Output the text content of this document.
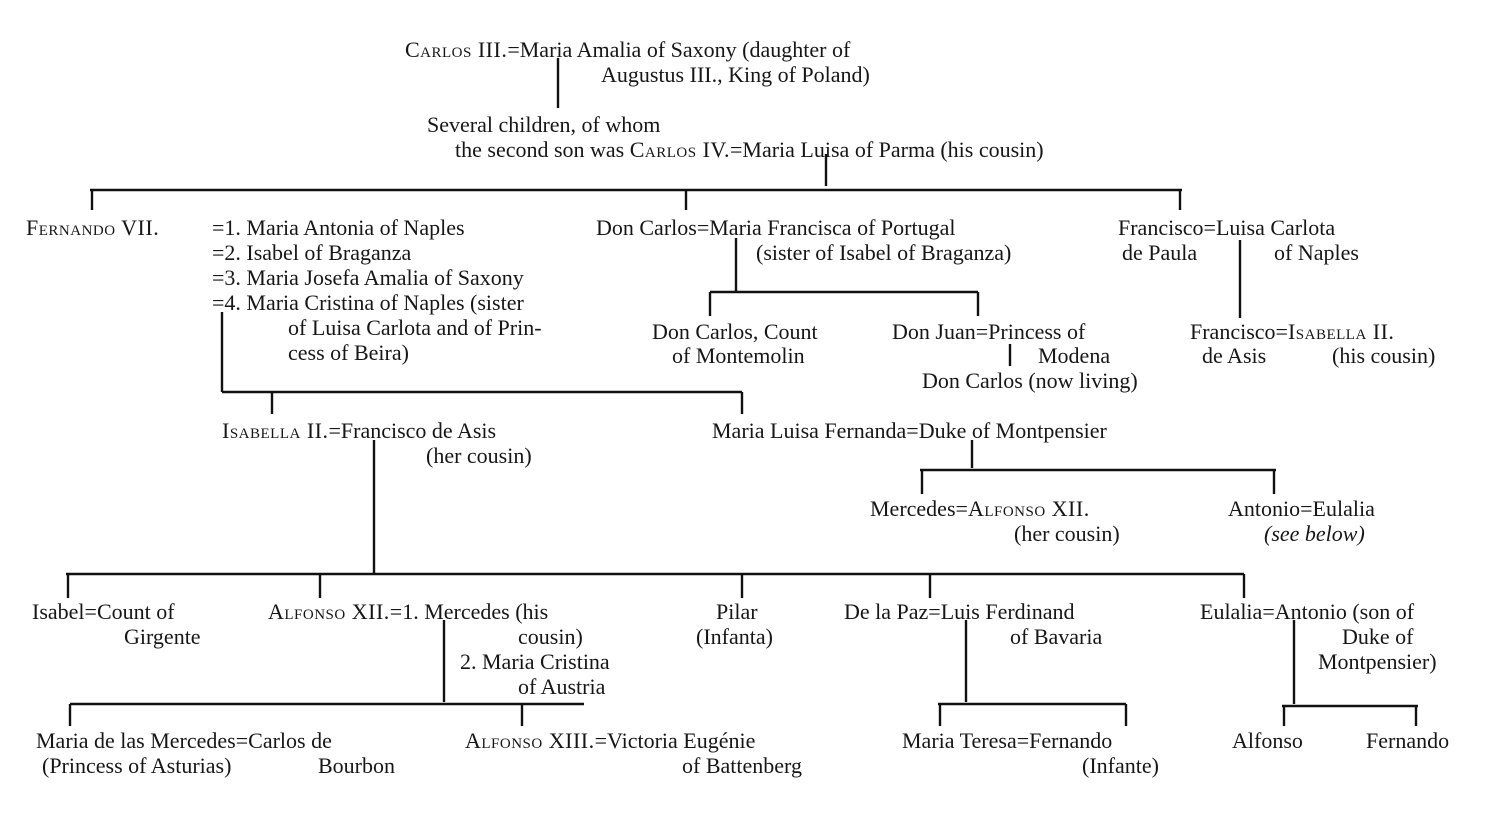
Carlos III.=Maria Amalia of Saxony (daughter of
Augustus III., King of Poland)
Several children, of whom
the second son was Carlos IV.=Maria Luisa of Parma (his cousin)
Fernando VII. =1. Maria Antonia of Naples
=2. Isabel of Braganza
=3. Maria Josefa Amalia of Saxony
=4. Maria Cristina of Naples (sister
of Luisa Carlota and of Prin-
cess of Beira)
Don Carlos=Maria Francisca of Portugal
(sister of Isabel of Braganza)
Francisco=Luisa Carlota
de Paula	of Naples
Don Carlos, Count
of Montemolin
Don Juan=Princess of
Modena
Don Carlos (now living)
Francisco=Isabella II.
de Asis	(his cousin)
Isabella II.=Francisco de Asis
(her cousin)
Maria Luisa Fernanda=Duke of Montpensier
Mercedes=Alfonso XII.
(her cousin)
Antonio=Eulalia
(see below)
Isabel=Count of
Girgente
Alfonso XII.=1. Mercedes (his
cousin)
2. Maria Cristina
of Austria
Pilar
(Infanta)
De la Paz=Luis Ferdinand
of Bavaria
Eulalia=Antonio (son of
Duke of
Montpensier)
Maria de las Mercedes=Carlos de
(Princess of Asturias)	Bourbon
Alfonso XIII.=Victoria Eugénie
of Battenberg
Maria Teresa=Fernando
(Infante)
Alfonso	Fernando
